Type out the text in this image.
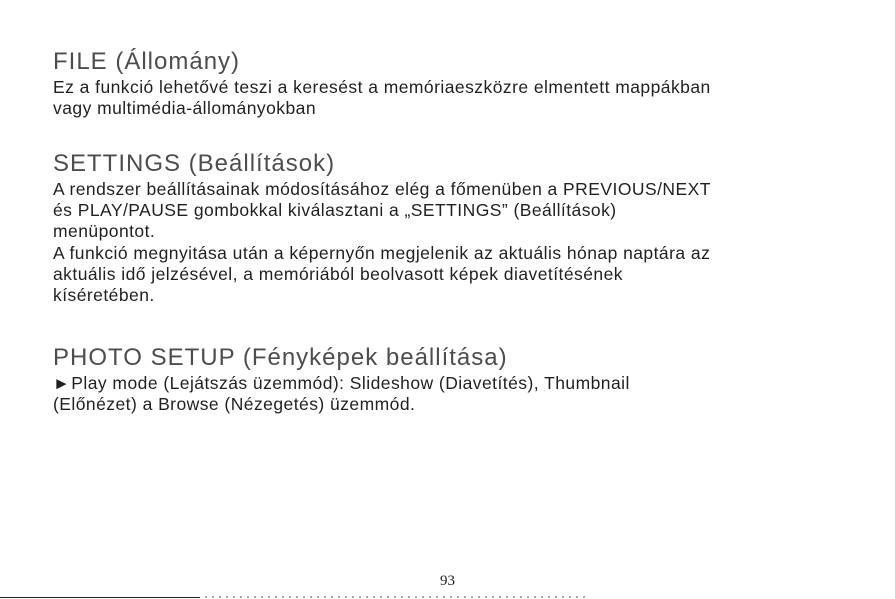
FILE (Állomány)
Ez a funkció lehetővé teszi a keresést a memóriaeszközre elmentett mappákban
vagy multimédia-állományokban
SETTINGS (Beállítások)
A rendszer beállításainak módosításához elég a főmenüben a PREVIOUS/NEXT
és PLAY/PAUSE gombokkal kiválasztani a „SETTINGS” (Beállítások)
menüpontot.
A funkció megnyitása után a képernyőn megjelenik az aktuális hónap naptára az
aktuális idő jelzésével, a memóriából beolvasott képek diavetítésének
kíséretében.
PHOTO SETUP (Fényképek beállítása)
►Play mode (Lejátszás üzemmód): Slideshow (Diavetítés), Thumbnail
(Előnézet) a Browse (Nézegetés) üzemmód.
93
